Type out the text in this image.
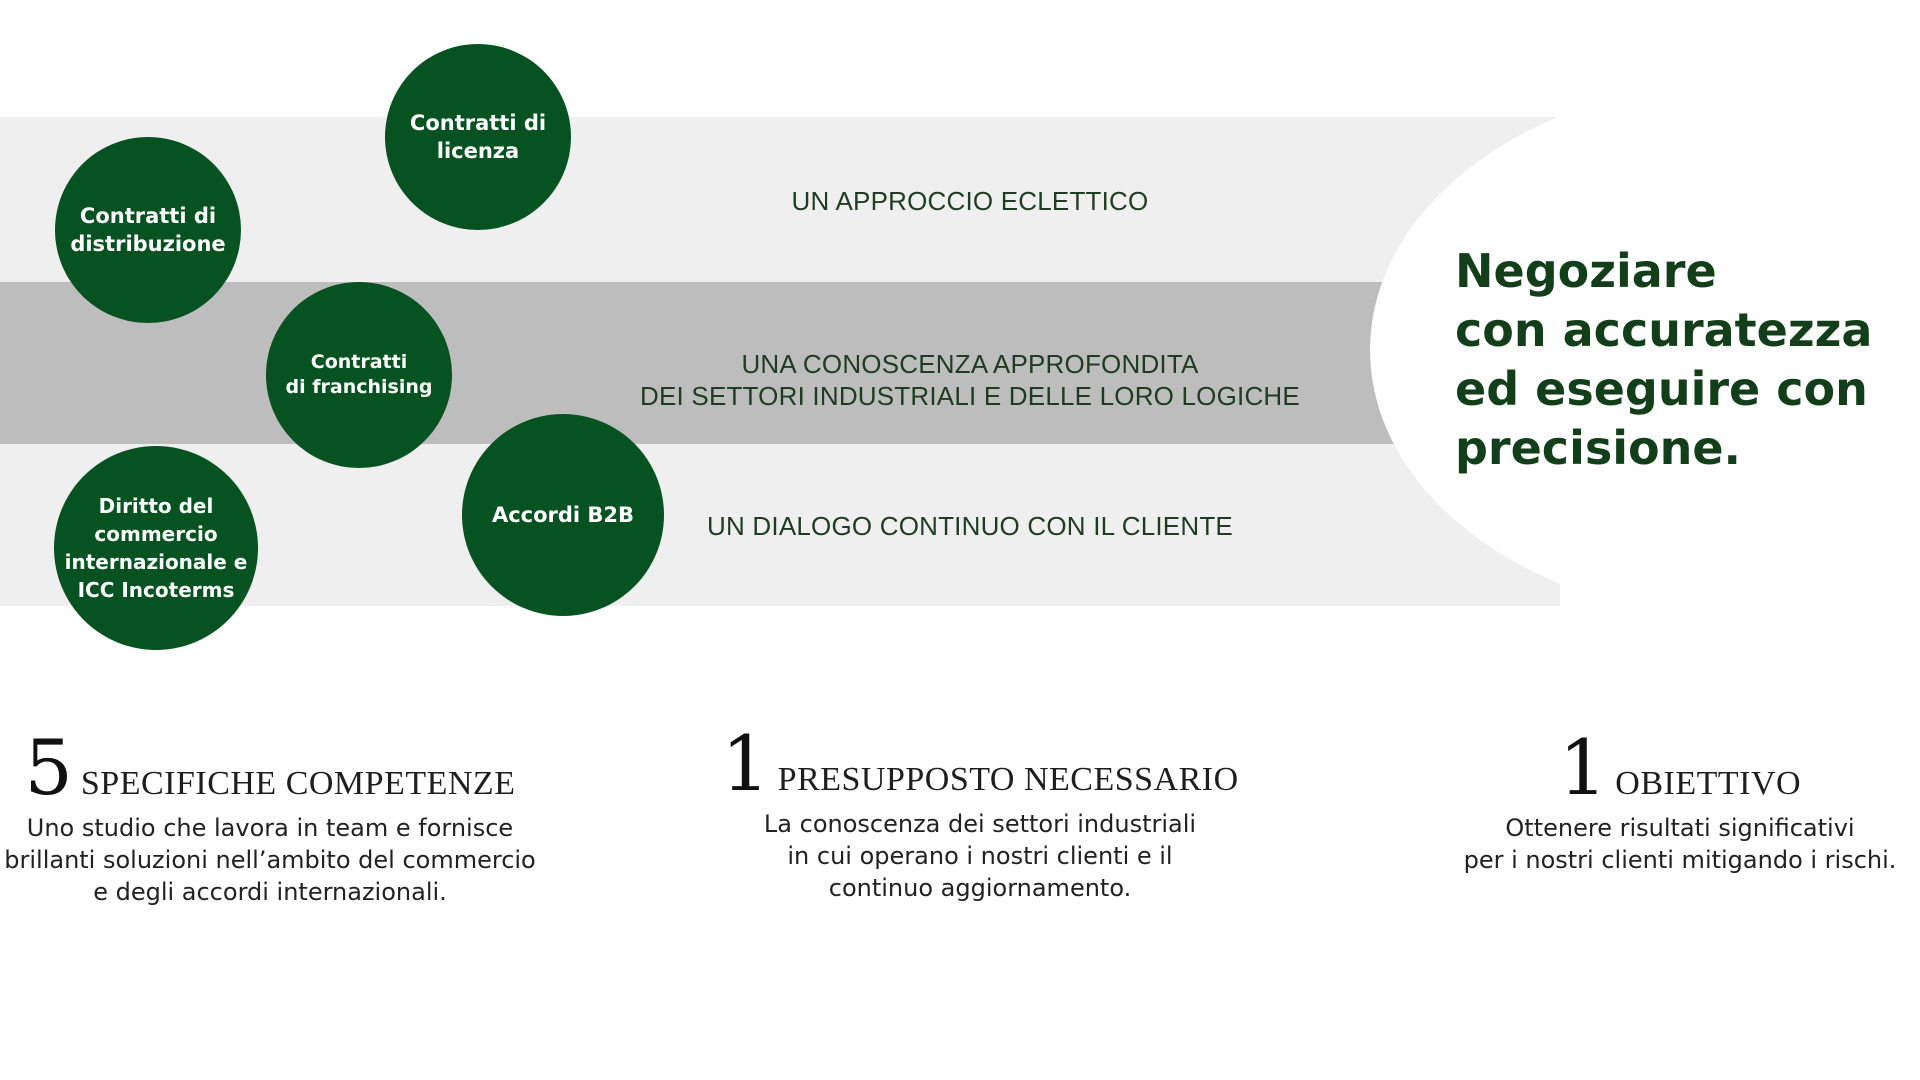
UN APPROCCIO ECLETTICO
UNA CONOSCENZA APPROFONDITA
DEI SETTORI INDUSTRIALI E DELLE LORO LOGICHE
UN DIALOGO CONTINUO CON IL CLIENTE
Negoziare
con accuratezza
ed eseguire con
precisione.
Contratti di
licenza
Contratti di
distribuzione
Contratti
di franchising
Accordi B2B
Diritto del
commercio
internazionale e
ICC Incoterms
5 SPECIFICHE COMPETENZE
Uno studio che lavora in team e fornisce
brillanti soluzioni nell’ambito del commercio
e degli accordi internazionali.
1 PRESUPPOSTO NECESSARIO
La conoscenza dei settori industriali
in cui operano i nostri clienti e il
continuo aggiornamento.
1 OBIETTIVO
Ottenere risultati significativi
per i nostri clienti mitigando i rischi.
